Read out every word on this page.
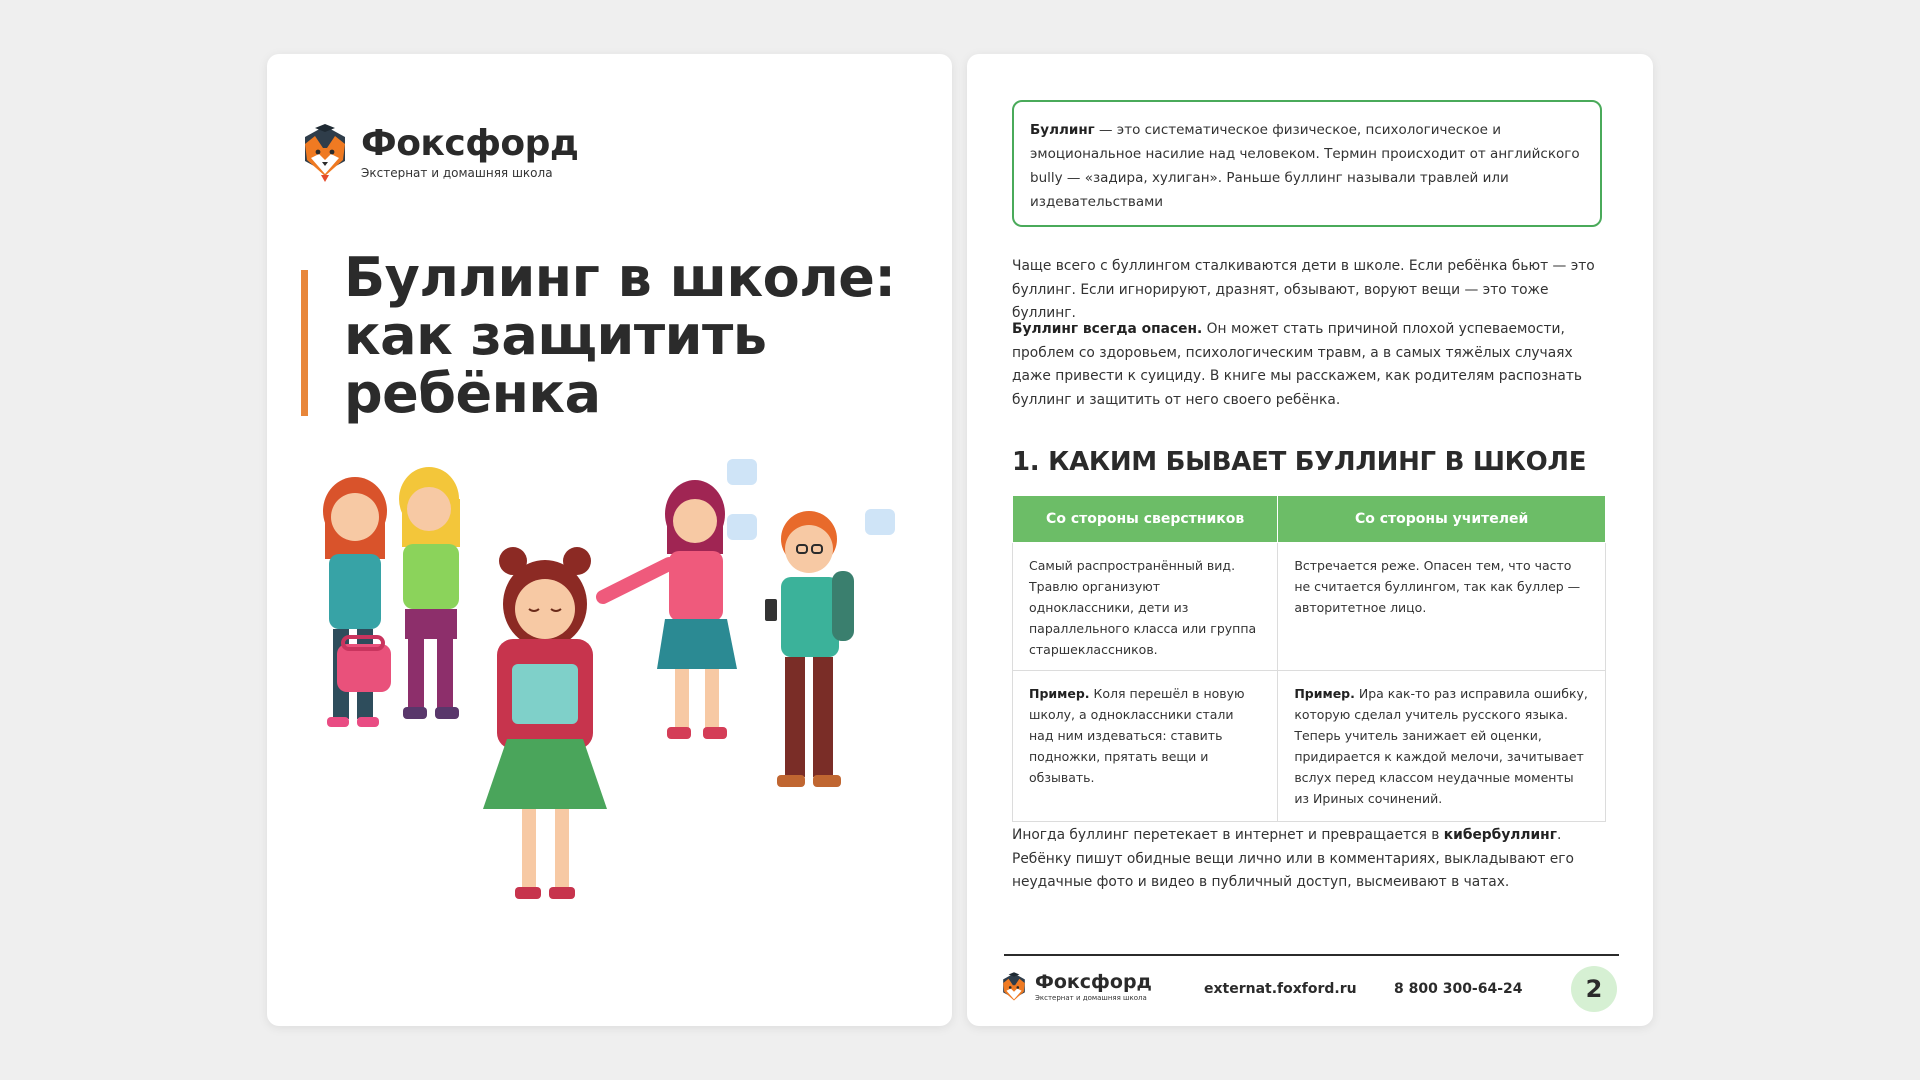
Фоксфорд
Экстернат и домашняя школа
Буллинг в школе:
как защитить
ребёнка
Буллинг — это систематическое физическое, психологическое и эмоциональное насилие над человеком. Термин происходит от английского bully — «задира, хулиган». Раньше буллинг называли травлей или издевательствами

Чаще всего с буллингом сталкиваются дети в школе. Если ребёнка бьют — это буллинг. Если игнорируют, дразнят, обзывают, воруют вещи — это тоже буллинг.

Буллинг всегда опасен. Он может стать причиной плохой успеваемости, проблем со здоровьем, психологическим травм, а в самых тяжёлых случаях даже привести к суициду. В книге мы расскажем, как родителям распознать буллинг и защитить от него своего ребёнка.

1. КАКИМ БЫВАЕТ БУЛЛИНГ В ШКОЛЕ
Со стороны сверстников	Со стороны учителей
Самый распространённый вид. Травлю организуют одноклассники, дети из параллельного класса или группа старшеклассников.	Встречается реже. Опасен тем, что часто не считается буллингом, так как буллер — авторитетное лицо.
Пример. Коля перешёл в новую школу, а одноклассники стали над ним издеваться: ставить подножки, прятать вещи и обзывать.	Пример. Ира как-то раз исправила ошибку, которую сделал учитель русского языка. Теперь учитель занижает ей оценки, придирается к каждой мелочи, зачитывает вслух перед классом неудачные моменты из Ириных сочинений.

Иногда буллинг перетекает в интернет и превращается в кибербуллинг. Ребёнку пишут обидные вещи лично или в комментариях, выкладывают его неудачные фото и видео в публичный доступ, высмеивают в чатах.

Фоксфорд
Экстернат и домашняя школа
externat.foxford.ru	8 800 300-64-24	2
